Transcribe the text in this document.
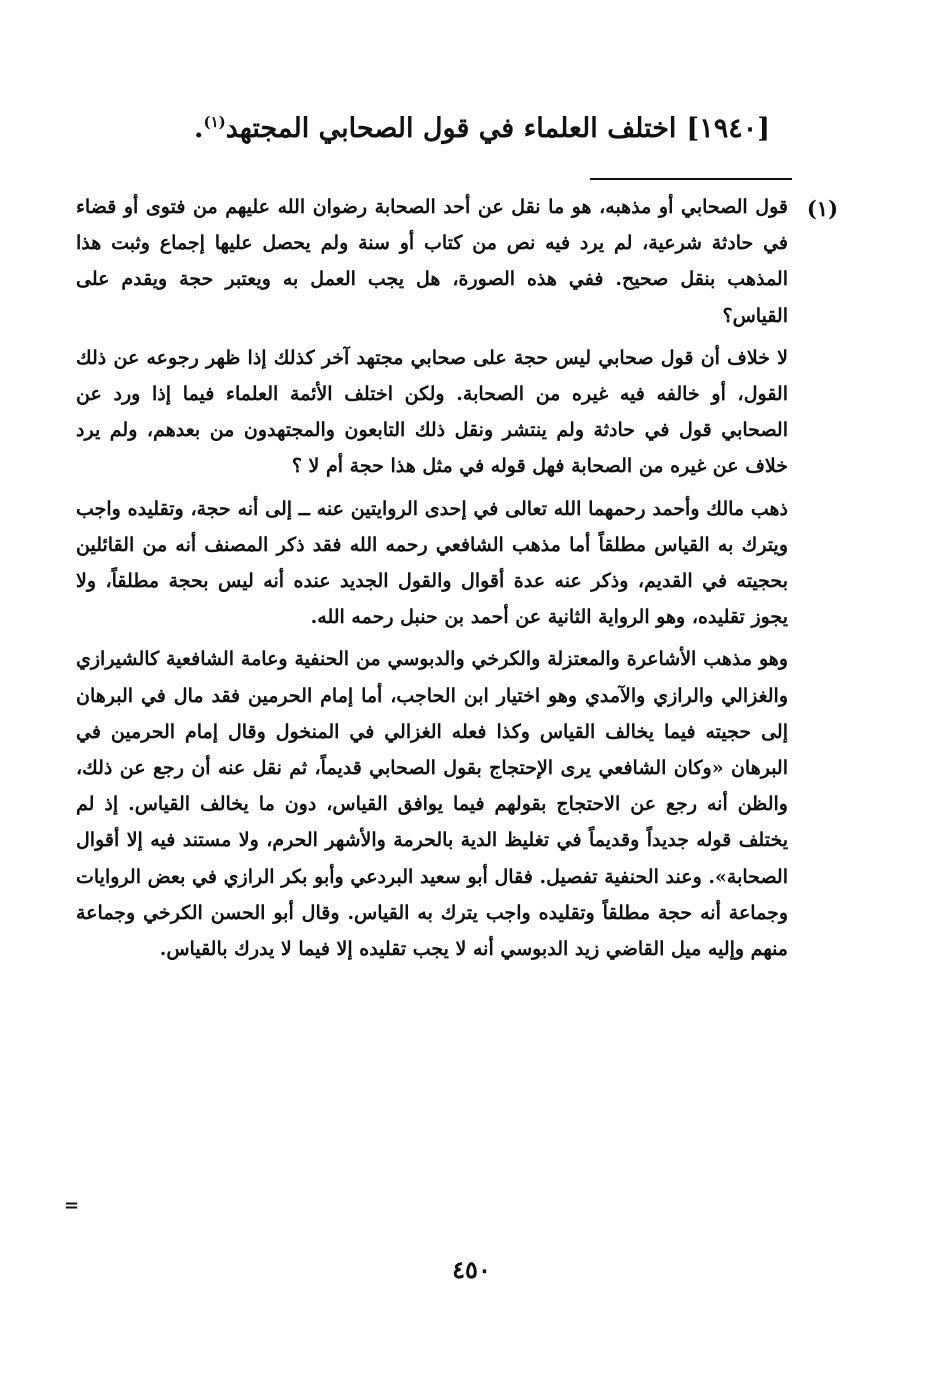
[١٩٤٠]اختلف العلماء في قول الصحابي المجتهد$^{(١)}$.
(١)

قول الصحابي أو مذهبه، هو ما نقل عن أحد الصحابة رضوان الله عليهم من فتوى أو قضاء في حادثة شرعية، لم يرد فيه نص من كتاب أو سنة ولم يحصل عليها إجماع وثبت هذا المذهب بنقل صحيح. ففي هذه الصورة، هل يجب العمل به ويعتبر حجة ويقدم على القياس؟

لا خلاف أن قول صحابي ليس حجة على صحابي مجتهد آخر كذلك إذا ظهر رجوعه عن ذلك القول، أو خالفه فيه غيره من الصحابة. ولكن اختلف الأئمة العلماء فيما إذا ورد عن الصحابي قول في حادثة ولم ينتشر ونقل ذلك التابعون والمجتهدون من بعدهم، ولم يرد خلاف عن غيره من الصحابة فهل قوله في مثل هذا حجة أم لا ؟

ذهب مالك وأحمد رحمهما الله تعالى في إحدى الروايتين عنه ــ إلى أنه حجة، وتقليده واجب ويترك به القياس مطلقاً أما مذهب الشافعي رحمه الله فقد ذكر المصنف أنه من القائلين بحجيته في القديم، وذكر عنه عدة أقوال والقول الجديد عنده أنه ليس بحجة مطلقاً، ولا يجوز تقليده، وهو الرواية الثانية عن أحمد بن حنبل رحمه الله.

وهو مذهب الأشاعرة والمعتزلة والكرخي والدبوسي من الحنفية وعامة الشافعية كالشيرازي والغزالي والرازي والآمدي وهو اختيار ابن الحاجب، أما إمام الحرمين فقد مال في البرهان إلى حجيته فيما يخالف القياس وكذا فعله الغزالي في المنخول وقال إمام الحرمين في البرهان «وكان الشافعي يرى الإحتجاج بقول الصحابي قديماً، ثم نقل عنه أن رجع عن ذلك، والظن أنه رجع عن الاحتجاج بقولهم فيما يوافق القياس، دون ما يخالف القياس. إذ لم يختلف قوله جديداً وقديماً في تغليظ الدية بالحرمة والأشهر الحرم، ولا مستند فيه إلا أقوال الصحابة». وعند الحنفية تفصيل. فقال أبو سعيد البردعي وأبو بكر الرازي في بعض الروايات وجماعة أنه حجة مطلقاً وتقليده واجب يترك به القياس. وقال أبو الحسن الكرخي وجماعة منهم وإليه ميل القاضي زيد الدبوسي أنه لا يجب تقليده إلا فيما لا يدرك بالقياس.

=
٤٥٠
